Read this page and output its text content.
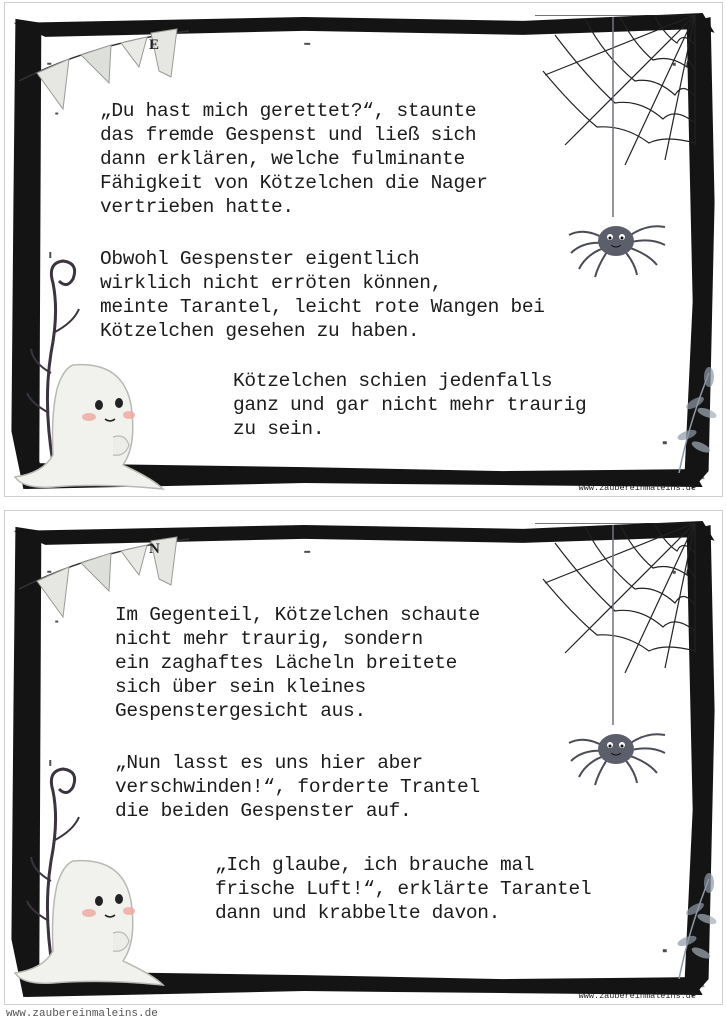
E
„Du hast mich gerettet?“, staunte
das fremde Gespenst und ließ sich
dann erklären, welche fulminante
Fähigkeit von Kötzelchen die Nager
vertrieben hatte.
Obwohl Gespenster eigentlich
wirklich nicht erröten können,
meinte Tarantel, leicht rote Wangen bei
Kötzelchen gesehen zu haben.
Kötzelchen schien jedenfalls
ganz und gar nicht mehr traurig
zu sein.
www.zaubereinmaleins.de
N
Im Gegenteil, Kötzelchen schaute
nicht mehr traurig, sondern
ein zaghaftes Lächeln breitete
sich über sein kleines
Gespenstergesicht aus.
„Nun lasst es uns hier aber
verschwinden!“, forderte Trantel
die beiden Gespenster auf.
„Ich glaube, ich brauche mal
frische Luft!“, erklärte Tarantel
dann und krabbelte davon.
www.zaubereinmaleins.de
www.zaubereinmaleins.de
